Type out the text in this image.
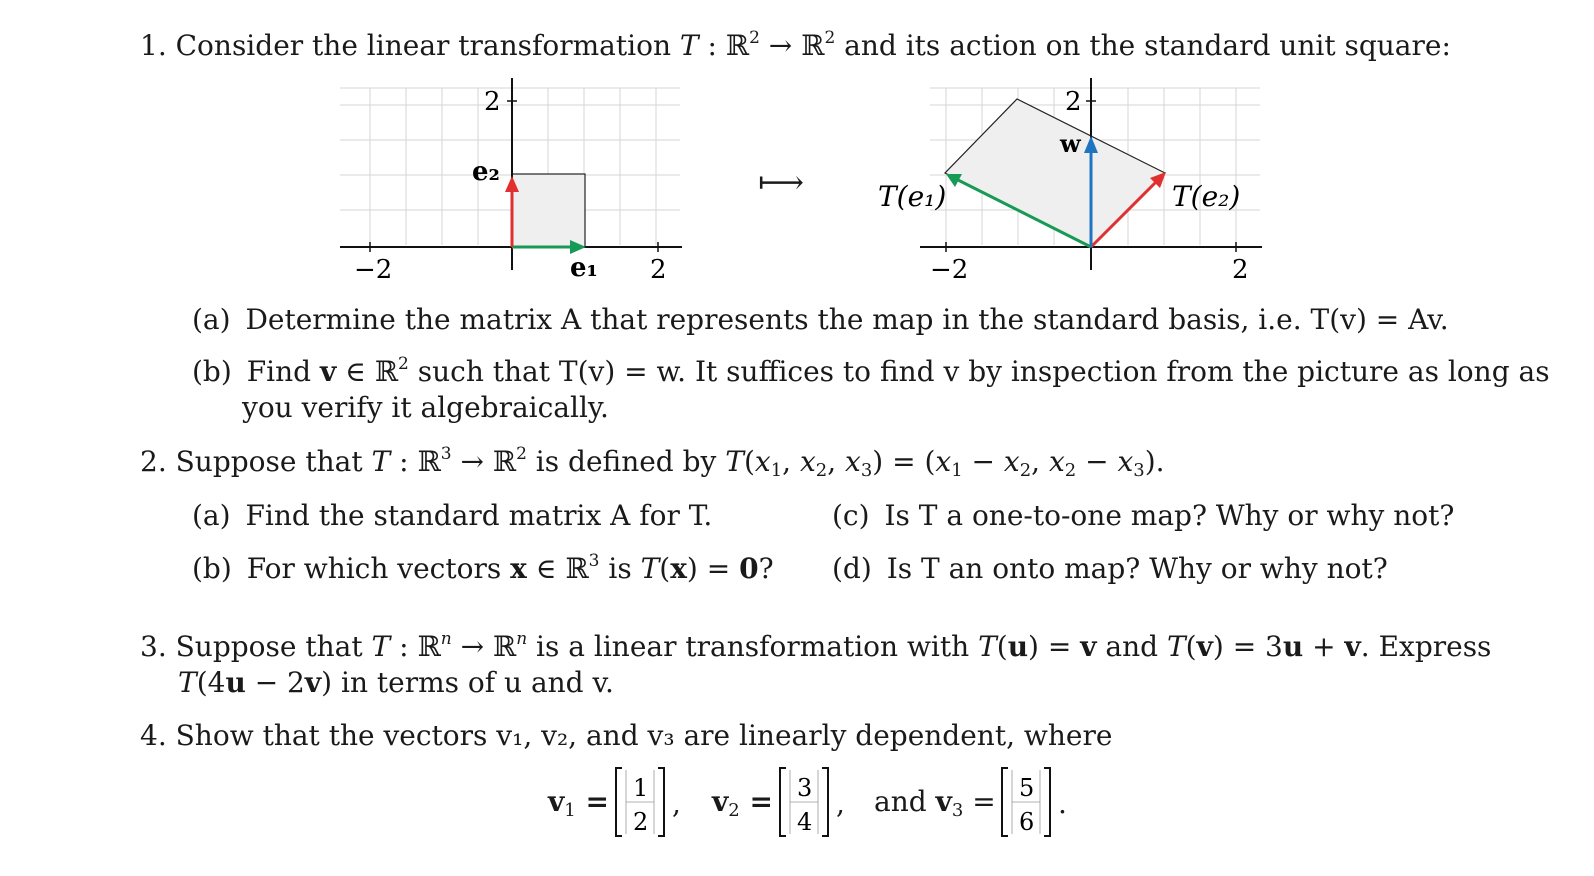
1. Consider the linear transformation T : ℝ$^2$ → ℝ$^2$ and its action on the standard unit square:
−2	2
2
e₁
e₂	⟼
−2	2
2
w
T(e₁)	T(e₂)
(a) Determine the matrix A that represents the map in the standard basis, i.e. T(v) = Av.
(b) Find v ∈ ℝ$^2$ such that T(v) = w. It suffices to find v by inspection from the picture as long as
you verify it algebraically.
2. Suppose that T : ℝ$^3$ → ℝ$^2$ is defined by $T(x_1$, $x_2$, $x_3) = (x_1 - x_2$, $x_2 - x_3$).
(a) Find the standard matrix A for T.	(c) Is T a one-to-one map? Why or why not?
(b) For which vectors x ∈ ℝ$^3$ is T(x) = 0? (d) Is T an onto map? Why or why not?
3. Suppose that T : ℝ$^n$ → ℝ$^n$ is a linear transformation with T(u) = v and T(v) = 3u + v. Express
T(4u − 2v) in terms of u and v.
4. Show that the vectors v₁, v₂, and v₃ are linearly dependent, where
$v_1 = 1$
2
, $v_2 = 3$
4
, and $v_3 = 5$
6
.
